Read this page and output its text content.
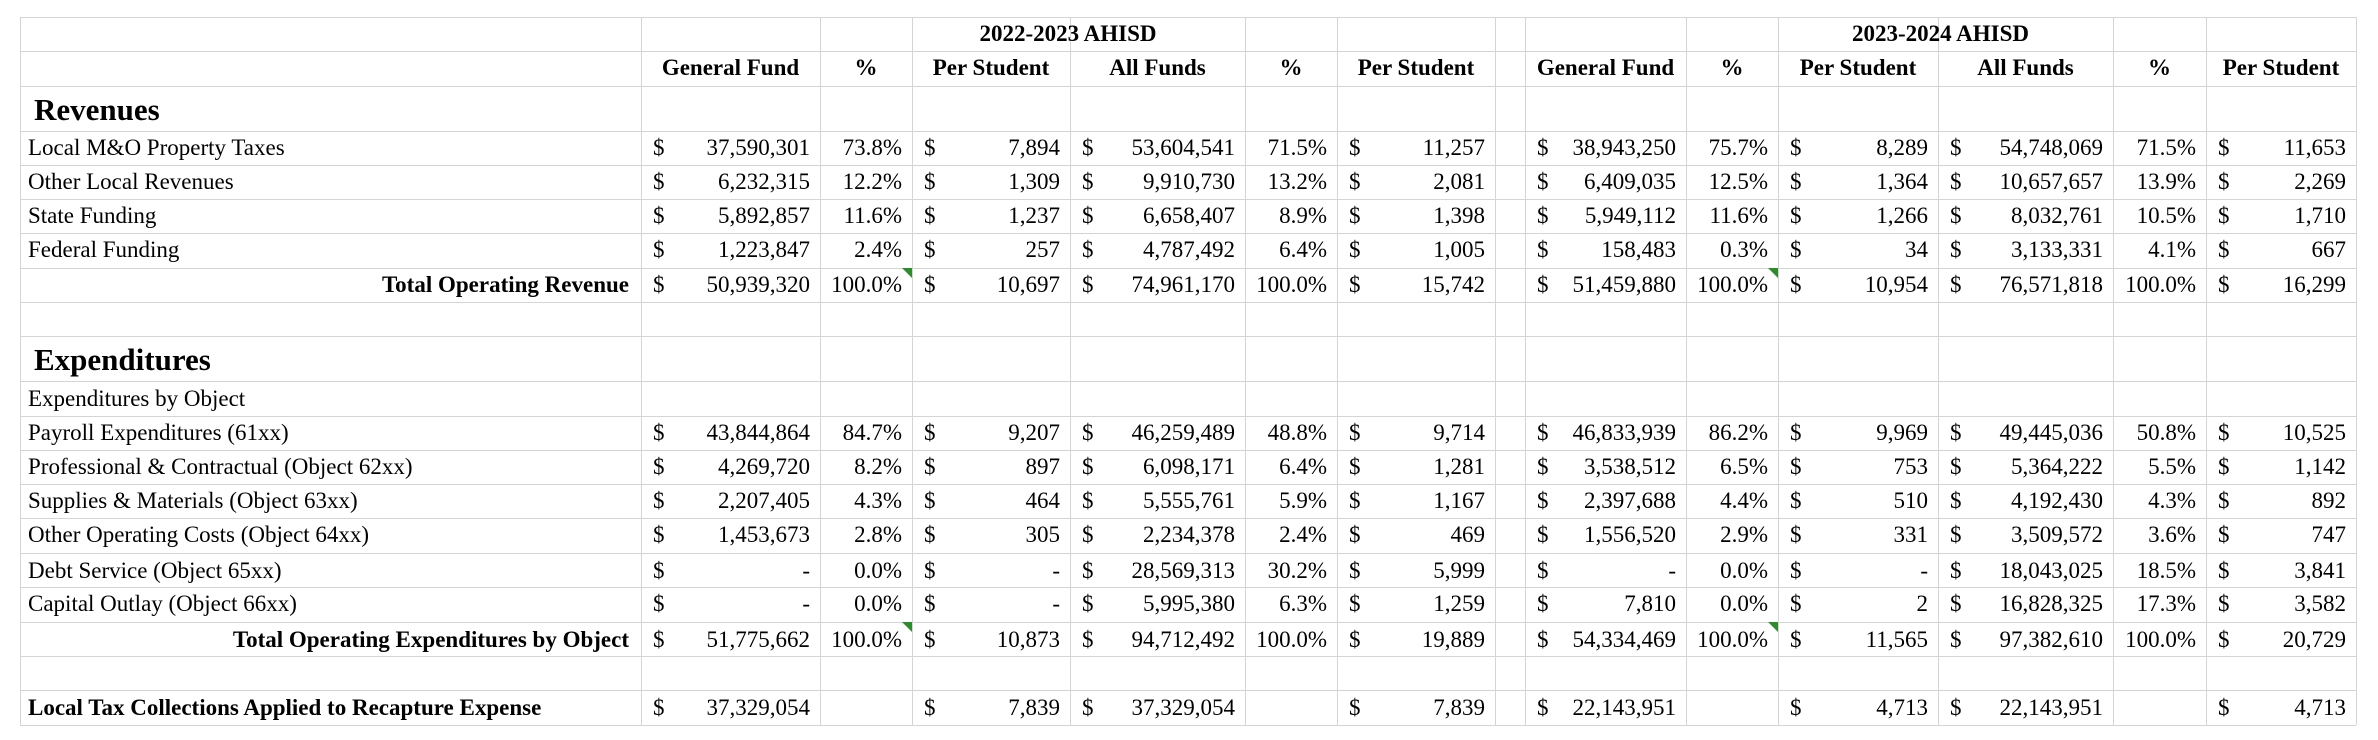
2022-2023 AHISD	2023-2024 AHISD
General Fund	%	Per Student	All Funds	%	Per Student	General Fund	%	Per Student	All Funds	%	Per Student
Revenues
Local M&O Property Taxes	$	37,590,301	73.8% $	7,894 $	53,604,541	71.5% $	11,257 $	38,943,250	75.7% $	8,289 $	54,748,069	71.5% $	11,653
Other Local Revenues	$	6,232,315	12.2% $	1,309 $	9,910,730	13.2% $	2,081 $	6,409,035	12.5% $	1,364 $	10,657,657	13.9% $	2,269
State Funding	$	5,892,857	11.6% $	1,237 $	6,658,407	8.9% $	1,398 $	5,949,112	11.6% $	1,266 $	8,032,761	10.5% $	1,710
Federal Funding	$	1,223,847	2.4% $	257 $	4,787,492	6.4% $	1,005 $	158,483	0.3% $	34 $	3,133,331	4.1% $	667
Total Operating Revenue $	50,939,320 100.0% $	10,697 $	74,961,170 100.0% $	15,742 $	51,459,880 100.0% $	10,954 $	76,571,818 100.0% $	16,299
Expenditures
Expenditures by Object
Payroll Expenditures (61xx)	$	43,844,864	84.7% $	9,207 $	46,259,489	48.8% $	9,714 $	46,833,939	86.2% $	9,969 $	49,445,036	50.8% $	10,525
Professional & Contractual (Object 62xx)	$	4,269,720	8.2% $	897 $	6,098,171	6.4% $	1,281 $	3,538,512	6.5% $	753 $	5,364,222	5.5% $	1,142
Supplies & Materials (Object 63xx)	$	2,207,405	4.3% $	464 $	5,555,761	5.9% $	1,167 $	2,397,688	4.4% $	510 $	4,192,430	4.3% $	892
Other Operating Costs (Object 64xx)	$	1,453,673	2.8% $	305 $	2,234,378	2.4% $	469 $	1,556,520	2.9% $	331 $	3,509,572	3.6% $	747
Debt Service (Object 65xx)	$	-	0.0% $	- $	28,569,313	30.2% $	5,999 $	-	0.0% $	- $	18,043,025	18.5% $	3,841
Capital Outlay (Object 66xx)	$	-	0.0% $	- $	5,995,380	6.3% $	1,259 $	7,810	0.0% $	2 $	16,828,325	17.3% $	3,582
Total Operating Expenditures by Object $	51,775,662 100.0% $	10,873 $	94,712,492 100.0% $	19,889 $	54,334,469 100.0% $	11,565 $	97,382,610 100.0% $	20,729
Local Tax Collections Applied to Recapture Expense	$	37,329,054	$	7,839 $	37,329,054	$	7,839 $	22,143,951	$	4,713 $	22,143,951	$	4,713
